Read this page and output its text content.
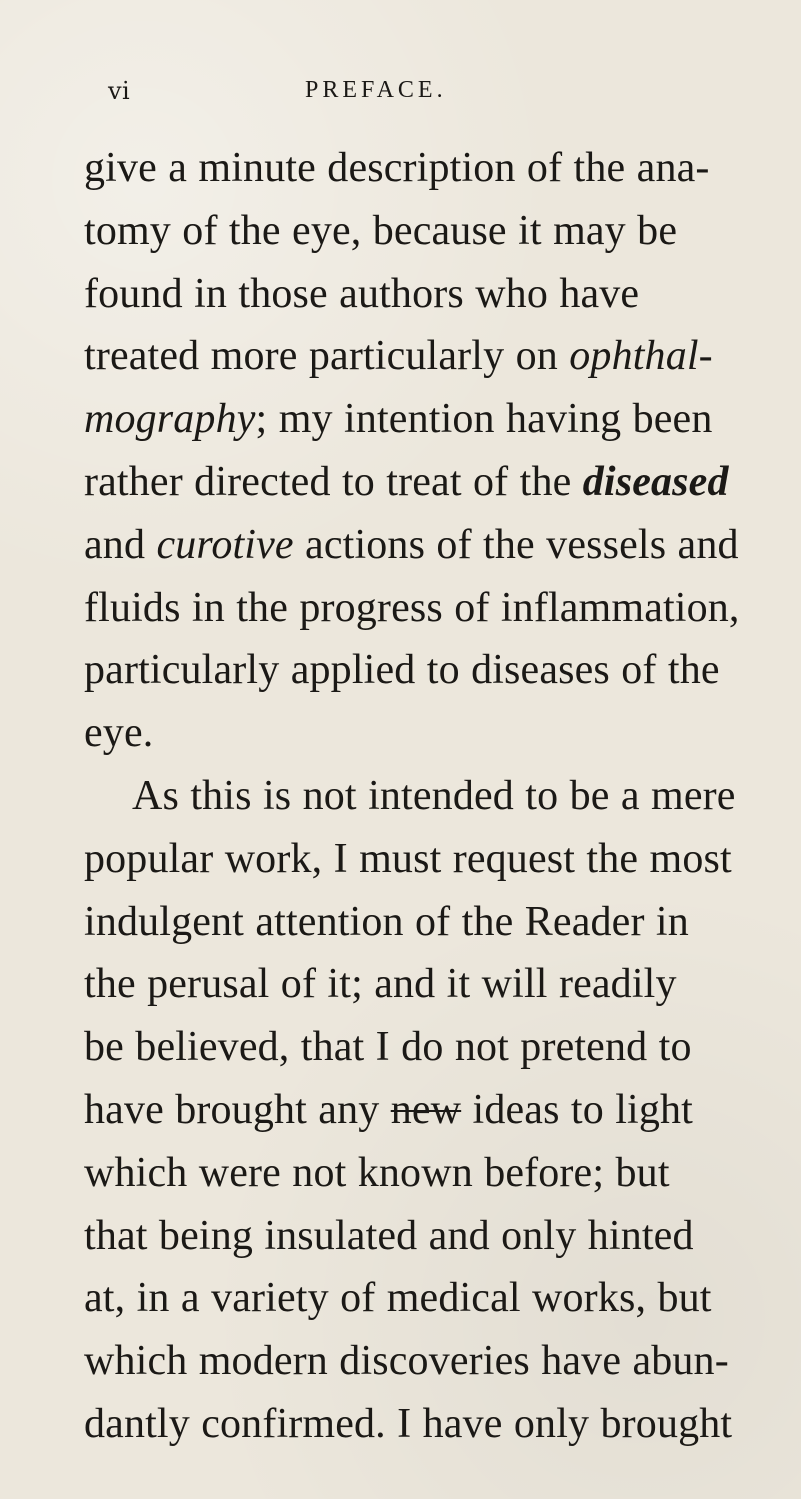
vi	PREFACE.
give a minute description of the ana-
tomy of the eye, because it may be
found in those authors who have
treated more particularly on ophthal-
mography; my intention having been
rather directed to treat of the diseased
and curotive actions of the vessels and
fluids in the progress of inflammation,
particularly applied to diseases of the
eye.
As this is not intended to be a mere
popular work, I must request the most
indulgent attention of the Reader in
the perusal of it; and it will readily
be believed, that I do not pretend to
have brought any new ideas to light
which were not known before; but
that being insulated and only hinted
at, in a variety of medical works, but
which modern discoveries have abun-
dantly confirmed. I have only brought
